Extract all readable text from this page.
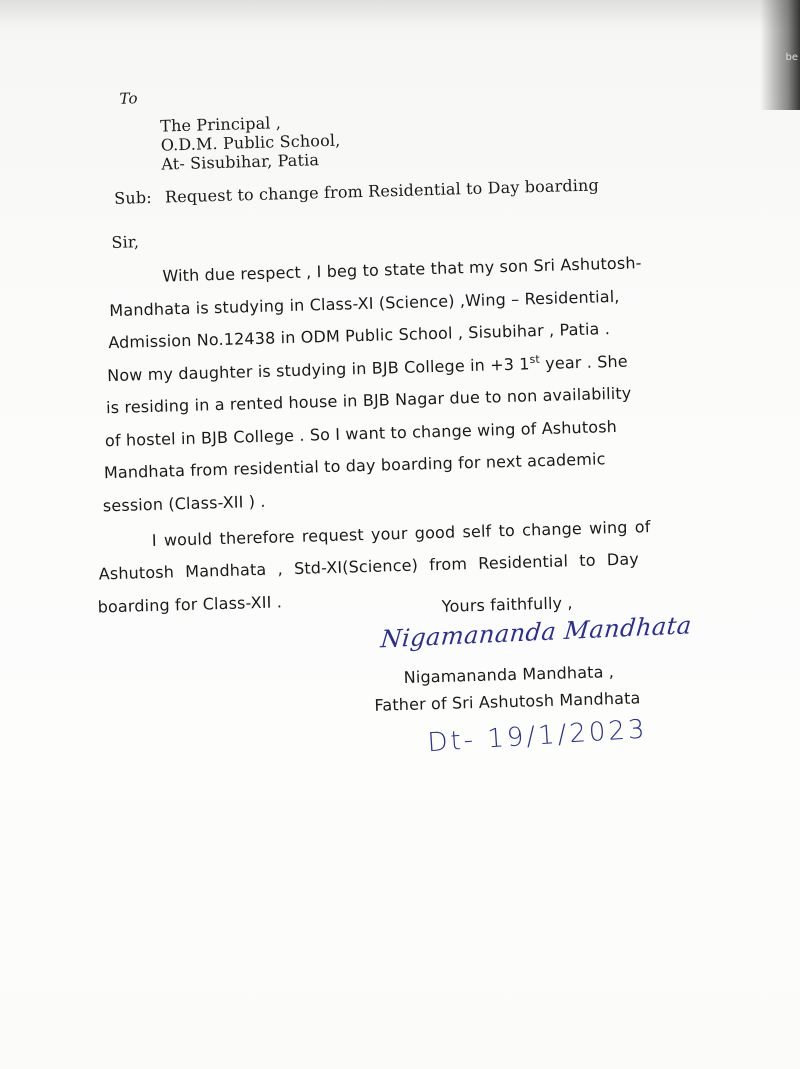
be
To
The Principal ,
O.D.M. Public School,
At- Sisubihar, Patia
Sub: Request to change from Residential to Day boarding
Sir,
With due respect , I beg to state that my son Sri Ashutosh-
Mandhata is studying in Class-XI (Science) ,Wing – Residential,
Admission No.12438 in ODM Public School , Sisubihar , Patia .
Now my daughter is studying in BJB College in +3 1st year . She
is residing in a rented house in BJB Nagar due to non availability
of hostel in BJB College . So I want to change wing of Ashutosh
Mandhata from residential to day boarding for next academic
session (Class-XII ) .
I would therefore request your good self to change wing of
Ashutosh Mandhata , Std-XI(Science) from Residential to Day
boarding for Class-XII .	Yours faithfully ,
Nigamananda Mandhata
Nigamananda Mandhata ,
Father of Sri Ashutosh Mandhata
Dt- 19/1/2023
